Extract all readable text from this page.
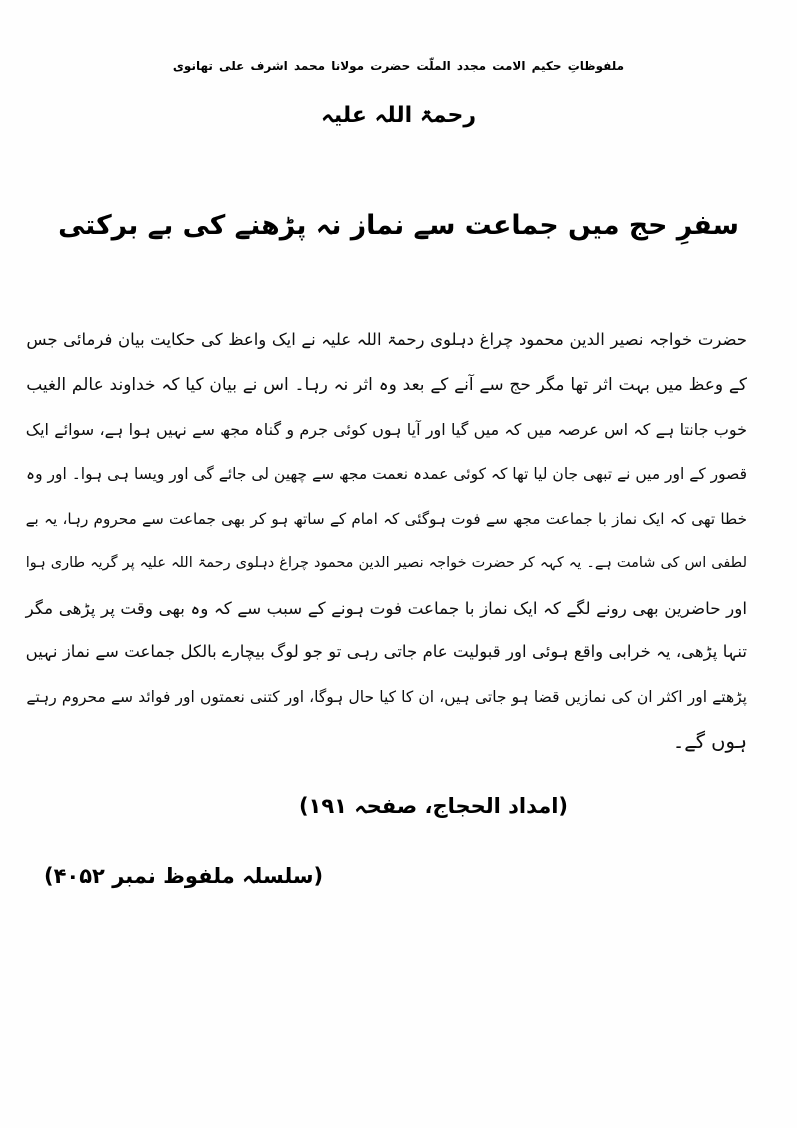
ملفوظاتِ حکیم الامت مجدد الملّت حضرت مولانا محمد اشرف علی تھانوی
رحمۃ اللہ علیہ
سفرِ حج میں جماعت سے نماز نہ پڑھنے کی بے برکتی
حضرت خواجہ نصیر الدین محمود چراغ دہلوی رحمۃ اللہ علیہ نے ایک واعظ کی حکایت بیان فرمائی جس
کے وعظ میں بہت اثر تھا مگر حج سے آنے کے بعد وہ اثر نہ رہا۔ اس نے بیان کیا کہ خداوند عالم الغیب
خوب جانتا ہے کہ اس عرصہ میں کہ میں گیا اور آیا ہوں کوئی جرم و گناہ مجھ سے نہیں ہوا ہے، سوائے ایک
قصور کے اور میں نے تبھی جان لیا تھا کہ کوئی عمدہ نعمت مجھ سے چھین لی جائے گی اور ویسا ہی ہوا۔ اور وہ
خطا تھی کہ ایک نماز با جماعت مجھ سے فوت ہوگئی کہ امام کے ساتھ ہو کر بھی جماعت سے محروم رہا، یہ بے
لطفی اس کی شامت ہے۔ یہ کہہ کر حضرت خواجہ نصیر الدین محمود چراغ دہلوی رحمۃ اللہ علیہ پر گریہ طاری ہوا
اور حاضرین بھی رونے لگے کہ ایک نماز با جماعت فوت ہونے کے سبب سے کہ وہ بھی وقت پر پڑھی مگر
تنہا پڑھی، یہ خرابی واقع ہوئی اور قبولیت عام جاتی رہی تو جو لوگ بیچارے بالکل جماعت سے نماز نہیں
پڑھتے اور اکثر ان کی نمازیں قضا ہو جاتی ہیں، ان کا کیا حال ہوگا، اور کتنی نعمتوں اور فوائد سے محروم رہتے
ہوں گے۔
(امداد الحجاج، صفحہ ۱۹۱)
(سلسلہ ملفوظ نمبر ۴۰۵۲)
